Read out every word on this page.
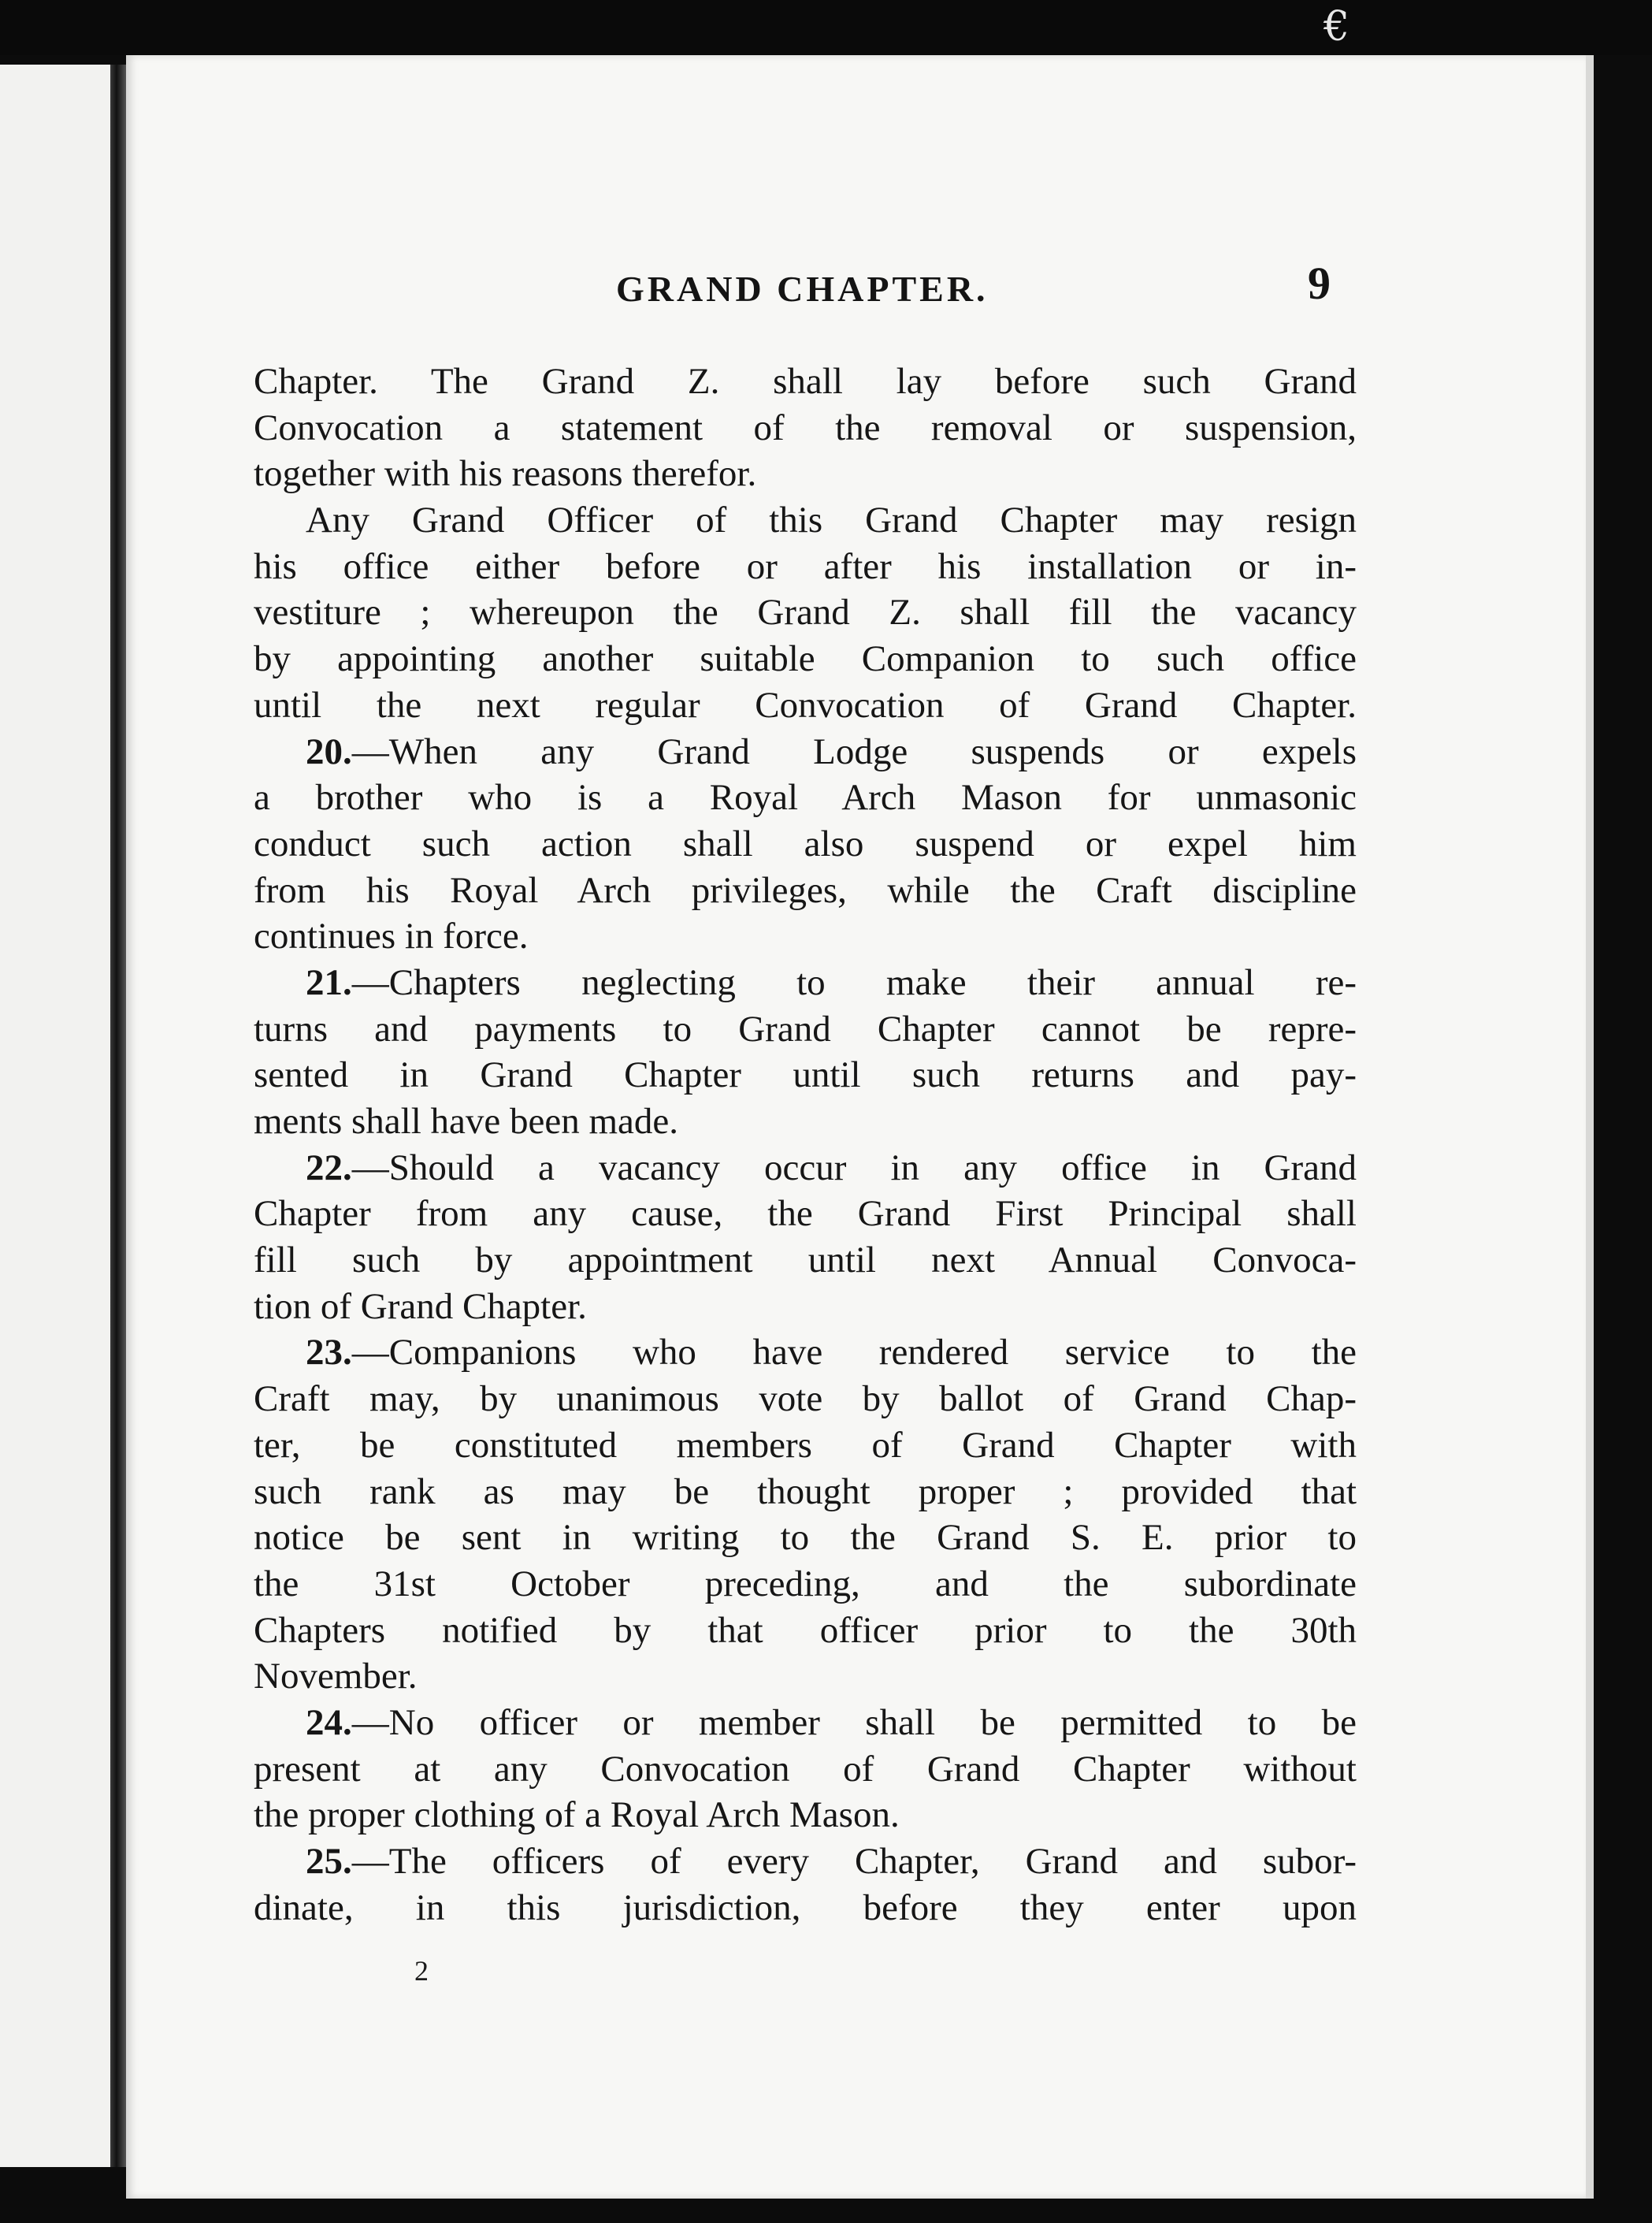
€
GRAND CHAPTER.	9
Chapter. The Grand Z. shall lay before such Grand
Convocation a statement of the removal or suspension,
together with his reasons therefor.
Any Grand Officer of this Grand Chapter may resign
his office either before or after his installation or in-
vestiture ; whereupon the Grand Z. shall fill the vacancy
by appointing another suitable Companion to such office
until the next regular Convocation of Grand Chapter.
20.—When any Grand Lodge suspends or expels
a brother who is a Royal Arch Mason for unmasonic
conduct such action shall also suspend or expel him
from his Royal Arch privileges, while the Craft discipline
continues in force.
21.—Chapters neglecting to make their annual re-
turns and payments to Grand Chapter cannot be repre-
sented in Grand Chapter until such returns and pay-
ments shall have been made.
22.—Should a vacancy occur in any office in Grand
Chapter from any cause, the Grand First Principal shall
fill such by appointment until next Annual Convoca-
tion of Grand Chapter.
23.—Companions who have rendered service to the
Craft may, by unanimous vote by ballot of Grand Chap-
ter, be constituted members of Grand Chapter with
such rank as may be thought proper ; provided that
notice be sent in writing to the Grand S. E. prior to
the 31st October preceding, and the subordinate
Chapters notified by that officer prior to the 30th
November.
24.—No officer or member shall be permitted to be
present at any Convocation of Grand Chapter without
the proper clothing of a Royal Arch Mason.
25.—The officers of every Chapter, Grand and subor-
dinate, in this jurisdiction, before they enter upon
2
